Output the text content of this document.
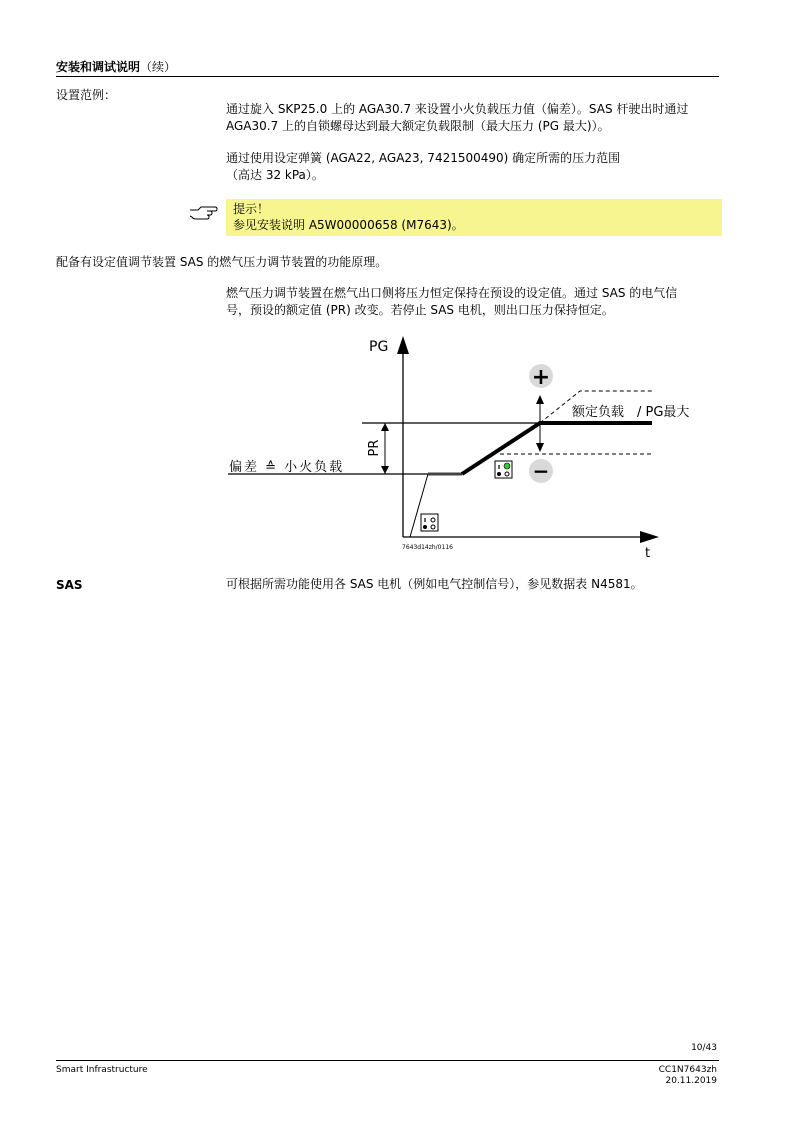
安装和调试说明（续）
设置范例：
通过旋入 SKP25.0 上的 AGA30.7 来设置小火负载压力值（偏差）。SAS 杆驶出时通过
AGA30.7 上的自锁螺母达到最大额定负载限制（最大压力 (PG 最大)）。
通过使用设定弹簧 (AGA22, AGA23, 7421500490) 确定所需的压力范围
（高达 32 kPa）。
提示！
参见安装说明 A5W00000658 (M7643)。
配备有设定值调节装置 SAS 的燃气压力调节装置的功能原理。
燃气压力调节装置在燃气出口侧将压力恒定保持在预设的设定值。通过 SAS 的电气信
号，预设的额定值 (PR) 改变。若停止 SAS 电机，则出口压力保持恒定。
PG
t
PR
偏差 ≙ 小火负载
额定负载　/ PG最大
+
−
7643d14zh/0116
SAS	可根据所需功能使用各 SAS 电机（例如电气控制信号），参见数据表 N4581。
10/43
Smart Infrastructure	CC1N7643zh
20.11.2019
